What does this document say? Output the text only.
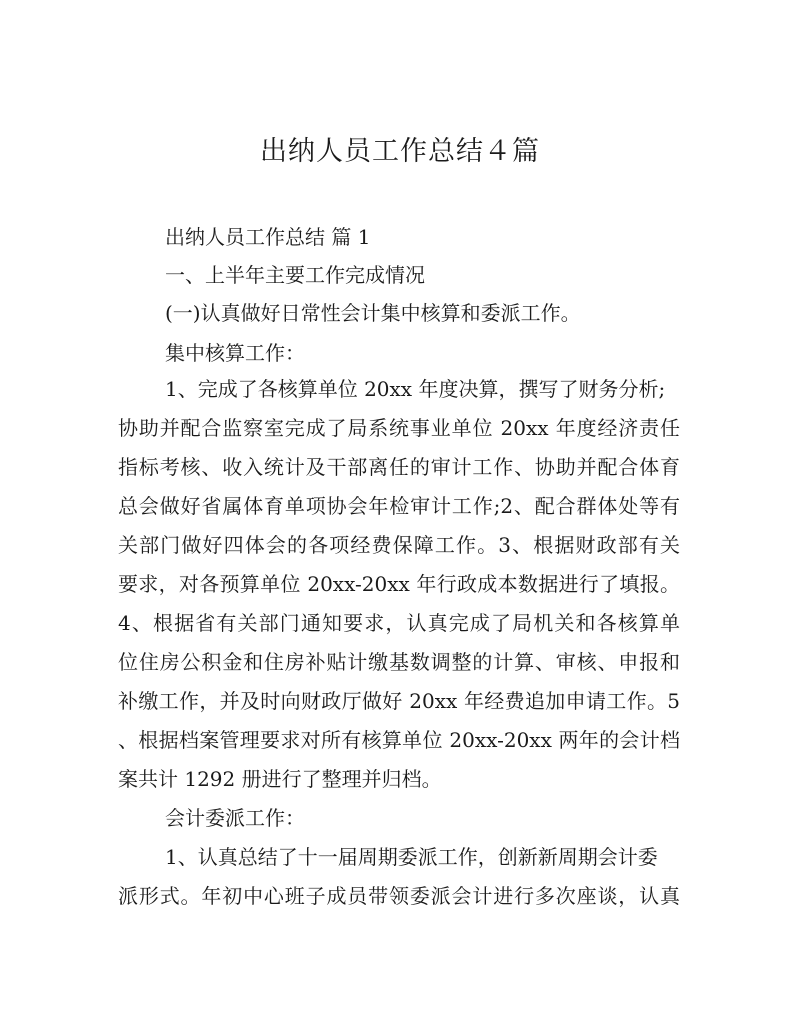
出纳人员工作总结４篇

出纳人员工作总结 篇 1

一、上半年主要工作完成情况

(一)认真做好日常性会计集中核算和委派工作。

集中核算工作：

1、完成了各核算单位 20xx 年度决算，撰写了财务分析;

协助并配合监察室完成了局系统事业单位 20xx 年度经济责任

指标考核、收入统计及干部离任的审计工作、协助并配合体育

总会做好省属体育单项协会年检审计工作;2、配合群体处等有

关部门做好四体会的各项经费保障工作。3、根据财政部有关

要求，对各预算单位 20xx-20xx 年行政成本数据进行了填报。

4、根据省有关部门通知要求，认真完成了局机关和各核算单

位住房公积金和住房补贴计缴基数调整的计算、审核、申报和

补缴工作，并及时向财政厅做好 20xx 年经费追加申请工作。5

、根据档案管理要求对所有核算单位 20xx-20xx 两年的会计档

案共计 1292 册进行了整理并归档。

会计委派工作：

1、认真总结了十一届周期委派工作，创新新周期会计委

派形式。年初中心班子成员带领委派会计进行多次座谈，认真
